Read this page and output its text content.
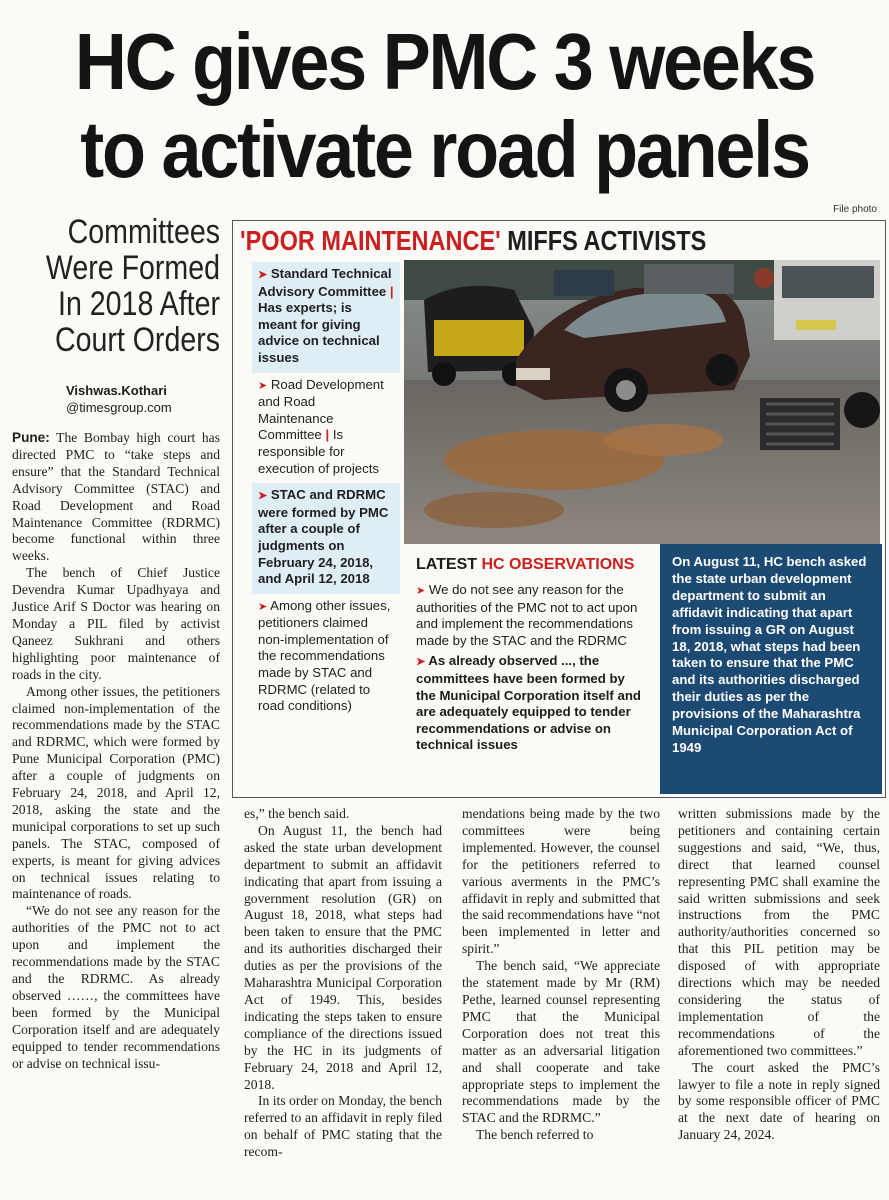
HC gives PMC 3 weeks
to activate road panels
File photo
Committees
Were Formed
In 2018 After
Court Orders
Vishwas.Kothari
@timesgroup.com

Pune: The Bombay high court has directed PMC to “take steps and ensure” that the Standard Technical Advisory Committee (STAC) and Road Development and Road Maintenance Committee (RDRMC) become functional within three weeks.

The bench of Chief Justice Devendra Kumar Upadhyaya and Justice Arif S Doctor was hearing on Monday a PIL filed by activist Qaneez Sukhrani and others highlighting poor maintenance of roads in the city.

Among other issues, the petitioners claimed non-implementation of the recommendations made by the STAC and RDRMC, which were formed by Pune Municipal Corporation (PMC) after a couple of judgments on February 24, 2018, and April 12, 2018, asking the state and the municipal corporations to set up such panels. The STAC, composed of experts, is meant for giving advices on technical issues relating to maintenance of roads.

“We do not see any reason for the authorities of the PMC not to act upon and implement the recommendations made by the STAC and the RDRMC. As already observed ……, the committees have been formed by the Municipal Corporation itself and are adequately equipped to tender recommendations or advise on technical issu-

es,” the bench said.

On August 11, the bench had asked the state urban development department to submit an affidavit indicating that apart from issuing a government resolution (GR) on August 18, 2018, what steps had been taken to ensure that the PMC and its authorities discharged their duties as per the provisions of the Maharashtra Municipal Corporation Act of 1949. This, besides indicating the steps taken to ensure compliance of the directions issued by the HC in its judgments of February 24, 2018 and April 12, 2018.

In its order on Monday, the bench referred to an affidavit in reply filed on behalf of PMC stating that the recom-

mendations being made by the two committees were being implemented. However, the counsel for the petitioners referred to various averments in the PMC’s affidavit in reply and submitted that the said recommendations have “not been implemented in letter and spirit.”

The bench said, “We appreciate the statement made by Mr (RM) Pethe, learned counsel representing PMC that the Municipal Corporation does not treat this matter as an adversarial litigation and shall cooperate and take appropriate steps to implement the recommendations made by the STAC and the RDRMC.”

The bench referred to

written submissions made by the petitioners and containing certain suggestions and said, “We, thus, direct that learned counsel representing PMC shall examine the said written submissions and seek instructions from the PMC authority/authorities concerned so that this PIL petition may be disposed of with appropriate directions which may be needed considering the status of implementation of the recommendations of the aforementioned two committees.”

The court asked the PMC’s lawyer to file a note in reply signed by some responsible officer of PMC at the next date of hearing on January 24, 2024.

'POOR MAINTENANCE' MIFFS ACTIVISTS
➤ Standard Technical Advisory Committee | Has experts; is meant for giving advice on technical issues
➤ Road Development and Road Maintenance Committee | Is responsible for execution of projects
➤ STAC and RDRMC were formed by PMC after a couple of judgments on February 24, 2018, and April 12, 2018
➤ Among other issues, petitioners claimed non-implementation of the recommendations made by STAC and RDRMC (related to road conditions)
LATEST HC OBSERVATIONS
➤ We do not see any reason for the authorities of the PMC not to act upon and implement the recommendations made by the STAC and the RDRMC
➤ As already observed ..., the committees have been formed by the Municipal Corporation itself and are adequately equipped to tender recommendations or advise on technical issues
On August 11, HC bench asked the state urban development department to submit an affidavit indicating that apart from issuing a GR on August 18, 2018, what steps had been taken to ensure that the PMC and its authorities discharged their duties as per the provisions of the Maharashtra Municipal Corporation Act of 1949
